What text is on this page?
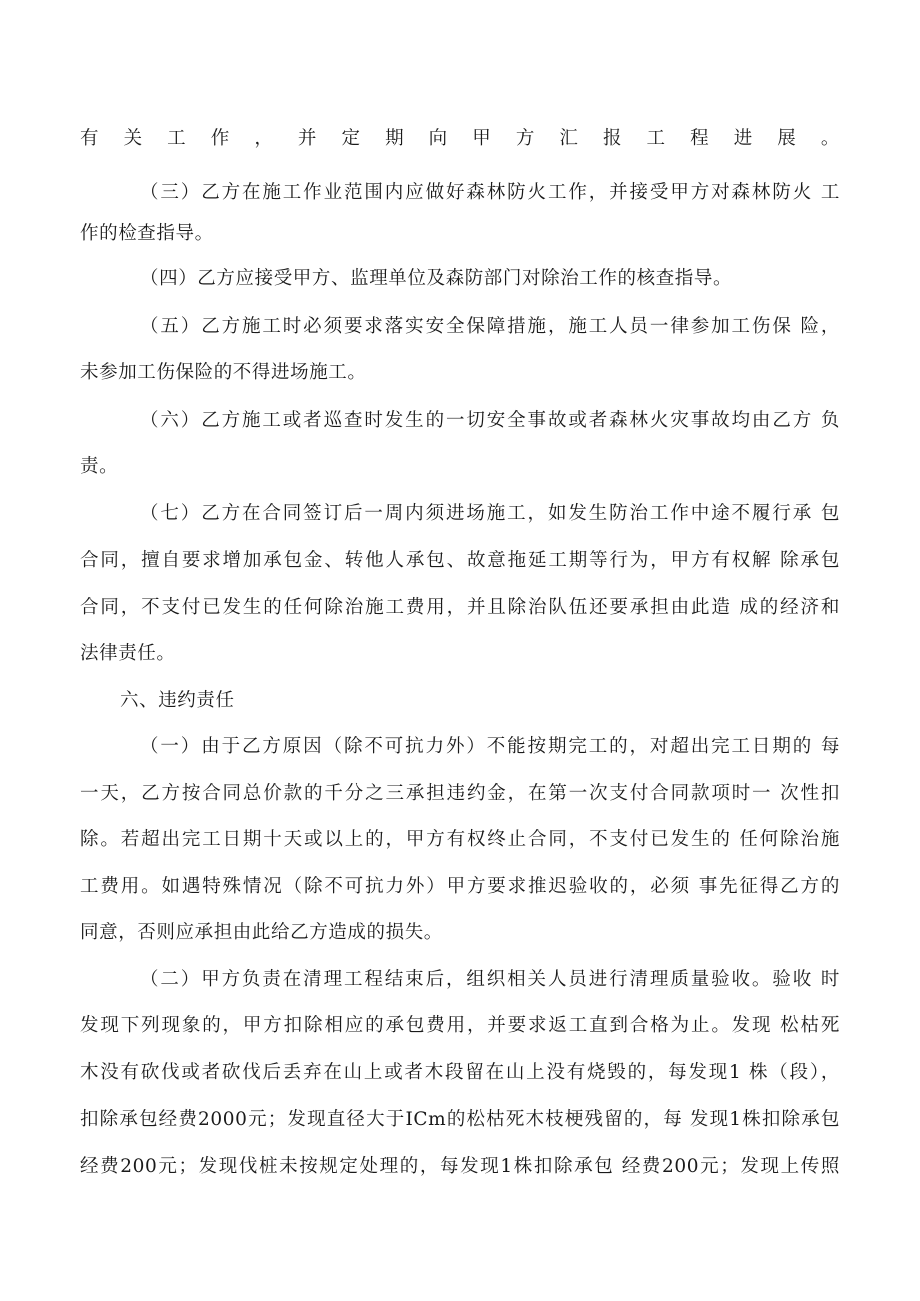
有关工作，并定期向甲方汇报工程进展。
（三）乙方在施工作业范围内应做好森林防火工作，并接受甲方对森林防火 工
作的检查指导。
（四）乙方应接受甲方、监理单位及森防部门对除治工作的核查指导。
（五）乙方施工时必须要求落实安全保障措施，施工人员一律参加工伤保 险，
未参加工伤保险的不得进场施工。
（六）乙方施工或者巡查时发生的一切安全事故或者森林火灾事故均由乙方 负
责。
（七）乙方在合同签订后一周内须进场施工，如发生防治工作中途不履行承 包
合同，擅自要求增加承包金、转他人承包、故意拖延工期等行为，甲方有权解 除承包
合同，不支付已发生的任何除治施工费用，并且除治队伍还要承担由此造 成的经济和
法律责任。
六、违约责任
（一）由于乙方原因（除不可抗力外）不能按期完工的，对超出完工日期的 每
一天，乙方按合同总价款的千分之三承担违约金，在第一次支付合同款项时一 次性扣
除。若超出完工日期十天或以上的，甲方有权终止合同，不支付已发生的 任何除治施
工费用。如遇特殊情况（除不可抗力外）甲方要求推迟验收的，必须 事先征得乙方的
同意，否则应承担由此给乙方造成的损失。
（二）甲方负责在清理工程结束后，组织相关人员进行清理质量验收。验收 时
发现下列现象的，甲方扣除相应的承包费用，并要求返工直到合格为止。发现 松枯死
木没有砍伐或者砍伐后丢弃在山上或者木段留在山上没有烧毁的，每发现1 株（段），
扣除承包经费2000元；发现直径大于ICm的松枯死木枝梗残留的，每 发现1株扣除承包
经费200元；发现伐桩未按规定处理的，每发现1株扣除承包 经费200元；发现上传照
